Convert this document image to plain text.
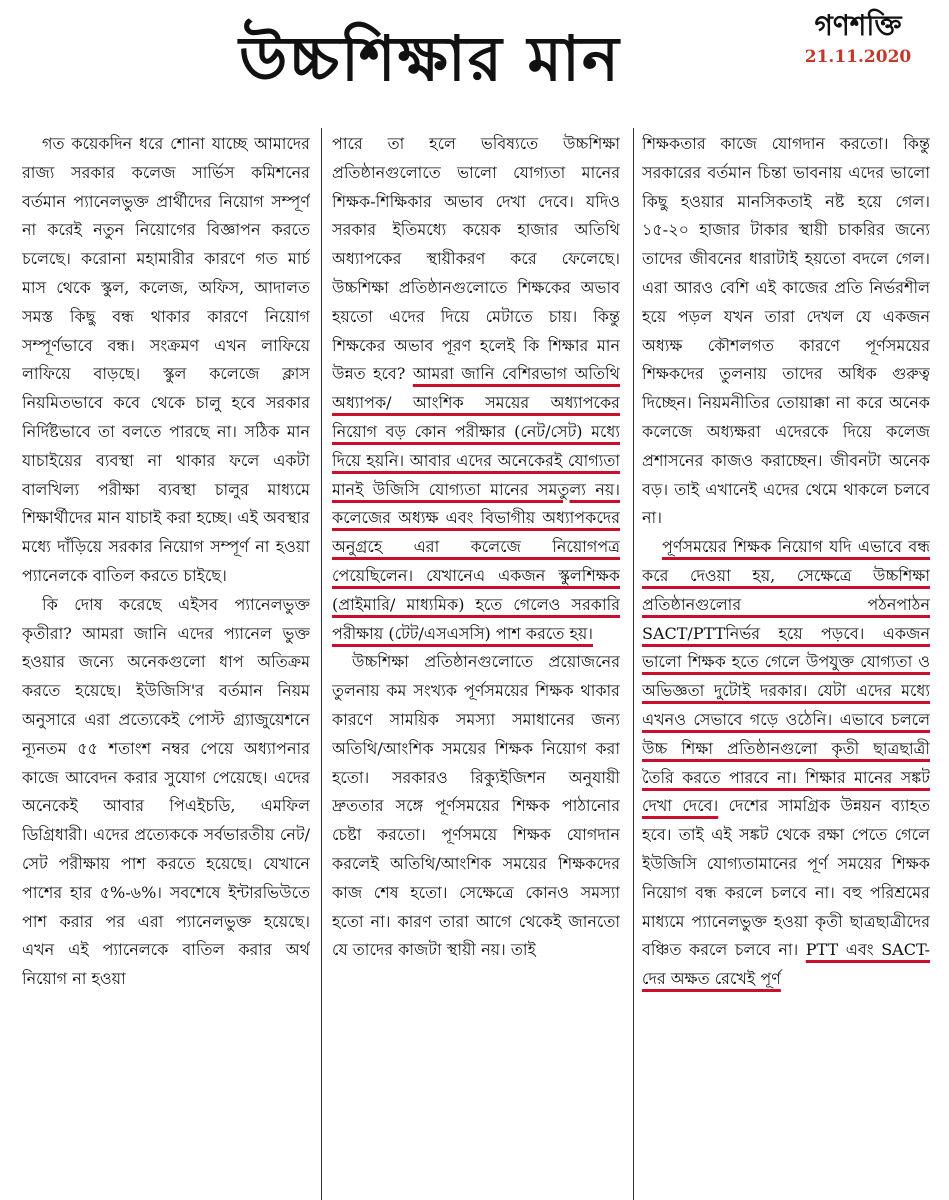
উচ্চশিক্ষার মান	গণশক্তি
21.11.2020

গত কয়েকদিন ধরে শোনা যাচ্ছে আমাদের রাজ্য সরকার কলেজ সার্ভিস কমিশনের বর্তমান প্যানেলভুক্ত প্রার্থীদের নিয়োগ সম্পূর্ণ না করেই নতুন নিয়োগের বিজ্ঞাপন করতে চলেছে। করোনা মহামারীর কারণে গত মার্চ মাস থেকে স্কুল, কলেজ, অফিস, আদালত সমস্ত কিছু বন্ধ থাকার কারণে নিয়োগ সম্পূর্ণভাবে বন্ধ। সংক্রমণ এখন লাফিয়ে লাফিয়ে বাড়ছে। স্কুল কলেজে ক্লাস নিয়মিতভাবে কবে থেকে চালু হবে সরকার নির্দিষ্টভাবে তা বলতে পারছে না। সঠিক মান যাচাইয়ের ব্যবস্থা না থাকার ফলে একটা বালখিল্য পরীক্ষা ব্যবস্থা চালুর মাধ্যমে শিক্ষার্থীদের মান যাচাই করা হচ্ছে। এই অবস্থার মধ্যে দাঁড়িয়ে সরকার নিয়োগ সম্পূর্ণ না হওয়া প্যানেলকে বাতিল করতে চাইছে।

কি দোষ করেছে এইসব প্যানেলভুক্ত কৃতীরা? আমরা জানি এদের প্যানেল ভুক্ত হওয়ার জন্যে অনেকগুলো ধাপ অতিক্রম করতে হয়েছে। ইউজিসি'র বর্তমান নিয়ম অনুসারে এরা প্রত্যেকেই পোস্ট গ্র্যাজুয়েশনে ন্যূনতম ৫৫ শতাংশ নম্বর পেয়ে অধ্যাপনার কাজে আবেদন করার সুযোগ পেয়েছে। এদের অনেকেই আবার পিএইচডি, এমফিল ডিগ্রিধারী। এদের প্রত্যেককে সর্বভারতীয় নেট/সেট পরীক্ষায় পাশ করতে হয়েছে। যেখানে পাশের হার ৫%-৬%। সবশেষে ইন্টারভিউতে পাশ করার পর এরা প্যানেলভুক্ত হয়েছে। এখন এই প্যানেলকে বাতিল করার অর্থ নিয়োগ না হওয়া

পারে তা হলে ভবিষ্যতে উচ্চশিক্ষা প্রতিষ্ঠানগুলোতে ভালো যোগ্যতা মানের শিক্ষক-শিক্ষিকার অভাব দেখা দেবে। যদিও সরকার ইতিমধ্যে কয়েক হাজার অতিথি অধ্যাপকের স্থায়ীকরণ করে ফেলেছে। উচ্চশিক্ষা প্রতিষ্ঠানগুলোতে শিক্ষকের অভাব হয়তো এদের দিয়ে মেটাতে চায়। কিন্তু শিক্ষকের অভাব পূরণ হলেই কি শিক্ষার মান উন্নত হবে? আমরা জানি বেশিরভাগ অতিথি অধ্যাপক/ আংশিক সময়ের অধ্যাপকের নিয়োগ বড় কোন পরীক্ষার (নেট/সেট) মধ্যে দিয়ে হয়নি। আবার এদের অনেকেরই যোগ্যতা মানই উজিসি যোগ্যতা মানের সমতুল্য নয়। কলেজের অধ্যক্ষ এবং বিভাগীয় অধ্যাপকদের অনুগ্রহে এরা কলেজে নিয়োগপত্র পেয়েছিলেন। যেখানেএ একজন স্কুলশিক্ষক (প্রাইমারি/ মাধ্যমিক) হতে গেলেও সরকারি পরীক্ষায় (টেট/এসএসসি) পাশ করতে হয়।

উচ্চশিক্ষা প্রতিষ্ঠানগুলোতে প্রয়োজনের তুলনায় কম সংখ্যক পূর্ণসময়ের শিক্ষক থাকার কারণে সাময়িক সমস্যা সমাধানের জন্য অতিথি/আংশিক সময়ের শিক্ষক নিয়োগ করা হতো। সরকারও রিক্যুইজিশন অনুযায়ী দ্রুততার সঙ্গে পূর্ণসময়ের শিক্ষক পাঠানোর চেষ্টা করতো। পূর্ণসময়ে শিক্ষক যোগদান করলেই অতিথি/আংশিক সময়ের শিক্ষকদের কাজ শেষ হতো। সেক্ষেত্রে কোনও সমস্যা হতো না। কারণ তারা আগে থেকেই জানতো যে তাদের কাজটা স্থায়ী নয়। তাই

শিক্ষকতার কাজে যোগদান করতো। কিন্তু সরকারের বর্তমান চিন্তা ভাবনায় এদের ভালো কিছু হওয়ার মানসিকতাই নষ্ট হয়ে গেল। ১৫-২০ হাজার টাকার স্থায়ী চাকরির জন্যে তাদের জীবনের ধারাটাই হয়তো বদলে গেল। এরা আরও বেশি এই কাজের প্রতি নির্ভরশীল হয়ে পড়ল যখন তারা দেখল যে একজন অধ্যক্ষ কৌশলগত কারণে পূর্ণসময়ের শিক্ষকদের তুলনায় তাদের অধিক গুরুত্ব দিচ্ছেন। নিয়মনীতির তোয়াক্কা না করে অনেক কলেজে অধ্যক্ষরা এদেরকে দিয়ে কলেজ প্রশাসনের কাজও করাচ্ছেন। জীবনটা অনেক বড়। তাই এখানেই এদের থেমে থাকলে চলবে না।

পূর্ণসময়ের শিক্ষক নিয়োগ যদি এভাবে বন্ধ করে দেওয়া হয়, সেক্ষেত্রে উচ্চশিক্ষা প্রতিষ্ঠানগুলোর পঠনপাঠন SACT/PTTনির্ভর হয়ে পড়বে। একজন ভালো শিক্ষক হতে গেলে উপযুক্ত যোগ্যতা ও অভিজ্ঞতা দুটোই দরকার। যেটা এদের মধ্যে এখনও সেভাবে গড়ে ওঠেনি। এভাবে চললে উচ্চ শিক্ষা প্রতিষ্ঠানগুলো কৃতী ছাত্রছাত্রী তৈরি করতে পারবে না। শিক্ষার মানের সঙ্কট দেখা দেবে। দেশের সামগ্রিক উন্নয়ন ব্যাহত হবে। তাই এই সঙ্কট থেকে রক্ষা পেতে গেলে ইউজিসি যোগ্যতামানের পূর্ণ সময়ের শিক্ষক নিয়োগ বন্ধ করলে চলবে না। বহু পরিশ্রমের মাধ্যমে প্যানেলভুক্ত হওয়া কৃতী ছাত্রছাত্রীদের বঞ্চিত করলে চলবে না। PTT এবং SACT-দের অক্ষত রেখেই পূর্ণ
